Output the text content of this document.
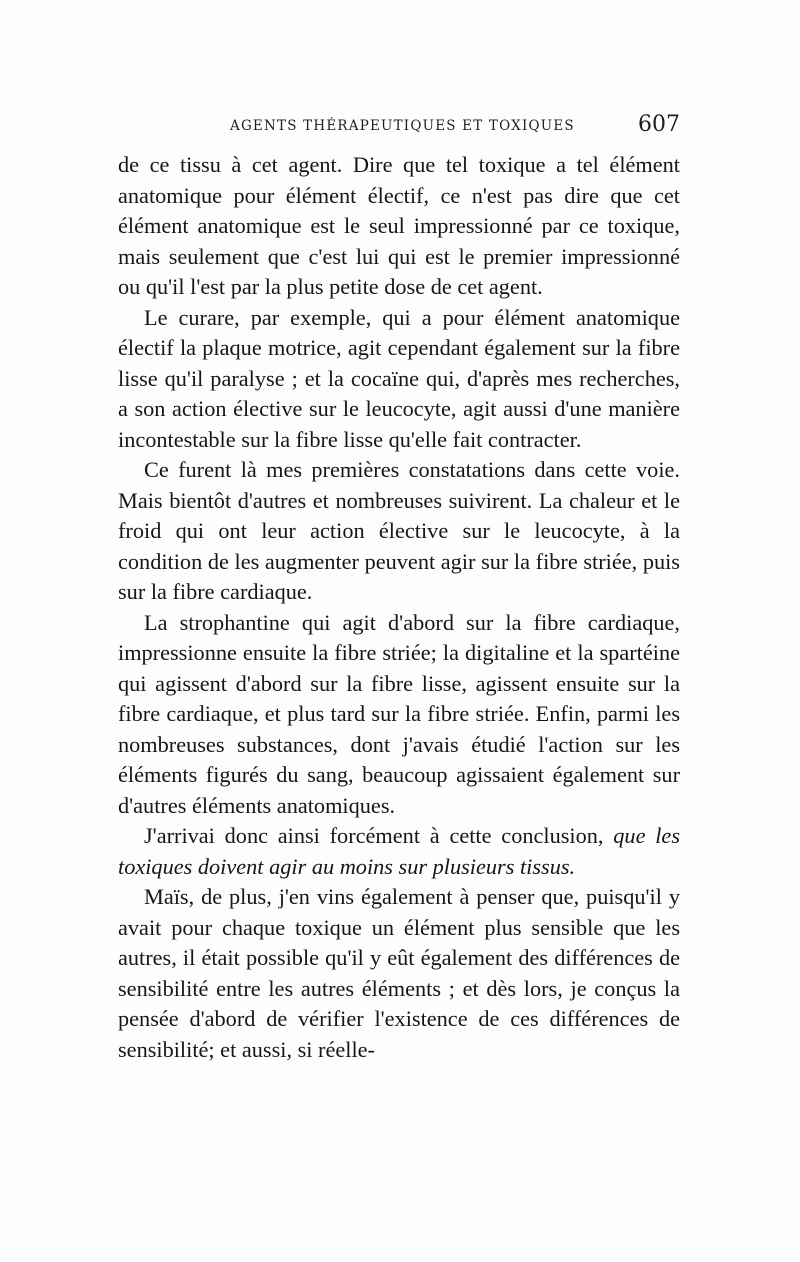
AGENTS THÉRAPEUTIQUES ET TOXIQUES	607

de ce tissu à cet agent. Dire que tel toxique a tel élément anatomique pour élément électif, ce n'est pas dire que cet élément anatomique est le seul impressionné par ce toxique, mais seulement que c'est lui qui est le premier impressionné ou qu'il l'est par la plus petite dose de cet agent.

Le curare, par exemple, qui a pour élément anatomique électif la plaque motrice, agit cependant également sur la fibre lisse qu'il paralyse ; et la cocaïne qui, d'après mes recherches, a son action élective sur le leucocyte, agit aussi d'une manière incontestable sur la fibre lisse qu'elle fait contracter.

Ce furent là mes premières constatations dans cette voie. Mais bientôt d'autres et nombreuses suivirent. La chaleur et le froid qui ont leur action élective sur le leucocyte, à la condition de les augmenter peuvent agir sur la fibre striée, puis sur la fibre cardiaque.

La strophantine qui agit d'abord sur la fibre cardiaque, impressionne ensuite la fibre striée; la digitaline et la spartéine qui agissent d'abord sur la fibre lisse, agissent ensuite sur la fibre cardiaque, et plus tard sur la fibre striée. Enfin, parmi les nombreuses substances, dont j'avais étudié l'action sur les éléments figurés du sang, beaucoup agissaient également sur d'autres éléments anatomiques.

J'arrivai donc ainsi forcément à cette conclusion, que les toxiques doivent agir au moins sur plusieurs tissus.

Maïs, de plus, j'en vins également à penser que, puisqu'il y avait pour chaque toxique un élément plus sensible que les autres, il était possible qu'il y eût également des différences de sensibilité entre les autres éléments ; et dès lors, je conçus la pensée d'abord de vérifier l'existence de ces différences de sensibilité; et aussi, si réelle-
